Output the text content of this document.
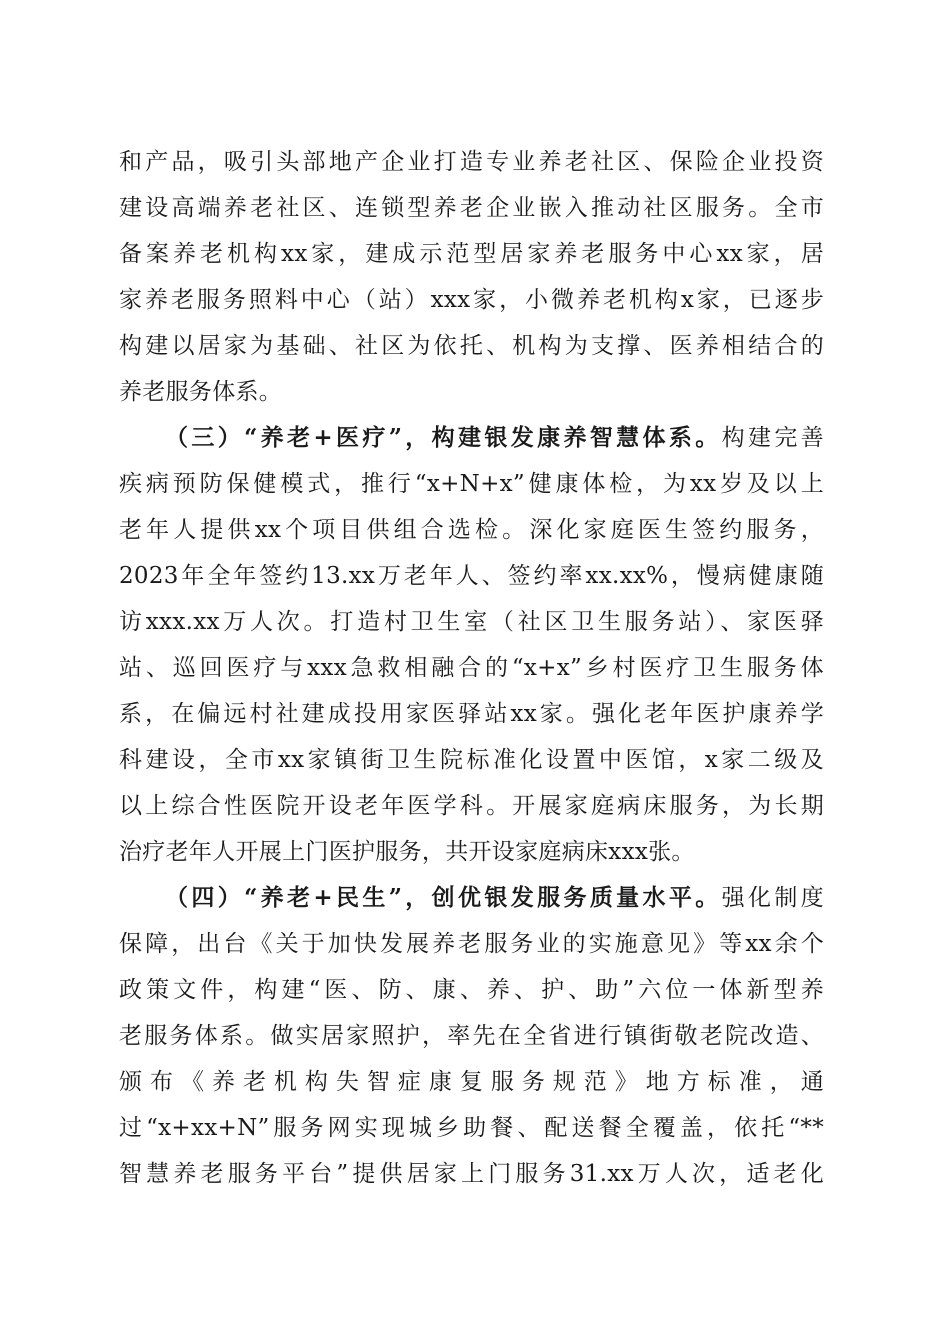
和产品，吸引头部地产企业打造专业养老社区、保险企业投资
建设高端养老社区、连锁型养老企业嵌入推动社区服务。全市
备案养老机构xx家，建成示范型居家养老服务中心xx家，居
家养老服务照料中心（站）xxx家，小微养老机构x家，已逐步
构建以居家为基础、社区为依托、机构为支撑、医养相结合的
养老服务体系。
（三）“养老+医疗”，构建银发康养智慧体系。构建完善
疾病预防保健模式，推行“x+N+x”健康体检，为xx岁及以上
老年人提供xx个项目供组合选检。深化家庭医生签约服务，
2023年全年签约13.xx万老年人、签约率xx.xx%，慢病健康随
访xxx.xx万人次。打造村卫生室（社区卫生服务站）、家医驿
站、巡回医疗与xxx急救相融合的“x+x”乡村医疗卫生服务体
系，在偏远村社建成投用家医驿站xx家。强化老年医护康养学
科建设，全市xx家镇街卫生院标准化设置中医馆，x家二级及
以上综合性医院开设老年医学科。开展家庭病床服务，为长期
治疗老年人开展上门医护服务，共开设家庭病床xxx张。
（四）“养老+民生”，创优银发服务质量水平。强化制度
保障，出台《关于加快发展养老服务业的实施意见》等xx余个
政策文件，构建“医、防、康、养、护、助”六位一体新型养
老服务体系。做实居家照护，率先在全省进行镇街敬老院改造、
颁布《养老机构失智症康复服务规范》地方标准，通
过“x+xx+N”服务网实现城乡助餐、配送餐全覆盖，依托“**
智慧养老服务平台”提供居家上门服务31.xx万人次，适老化
